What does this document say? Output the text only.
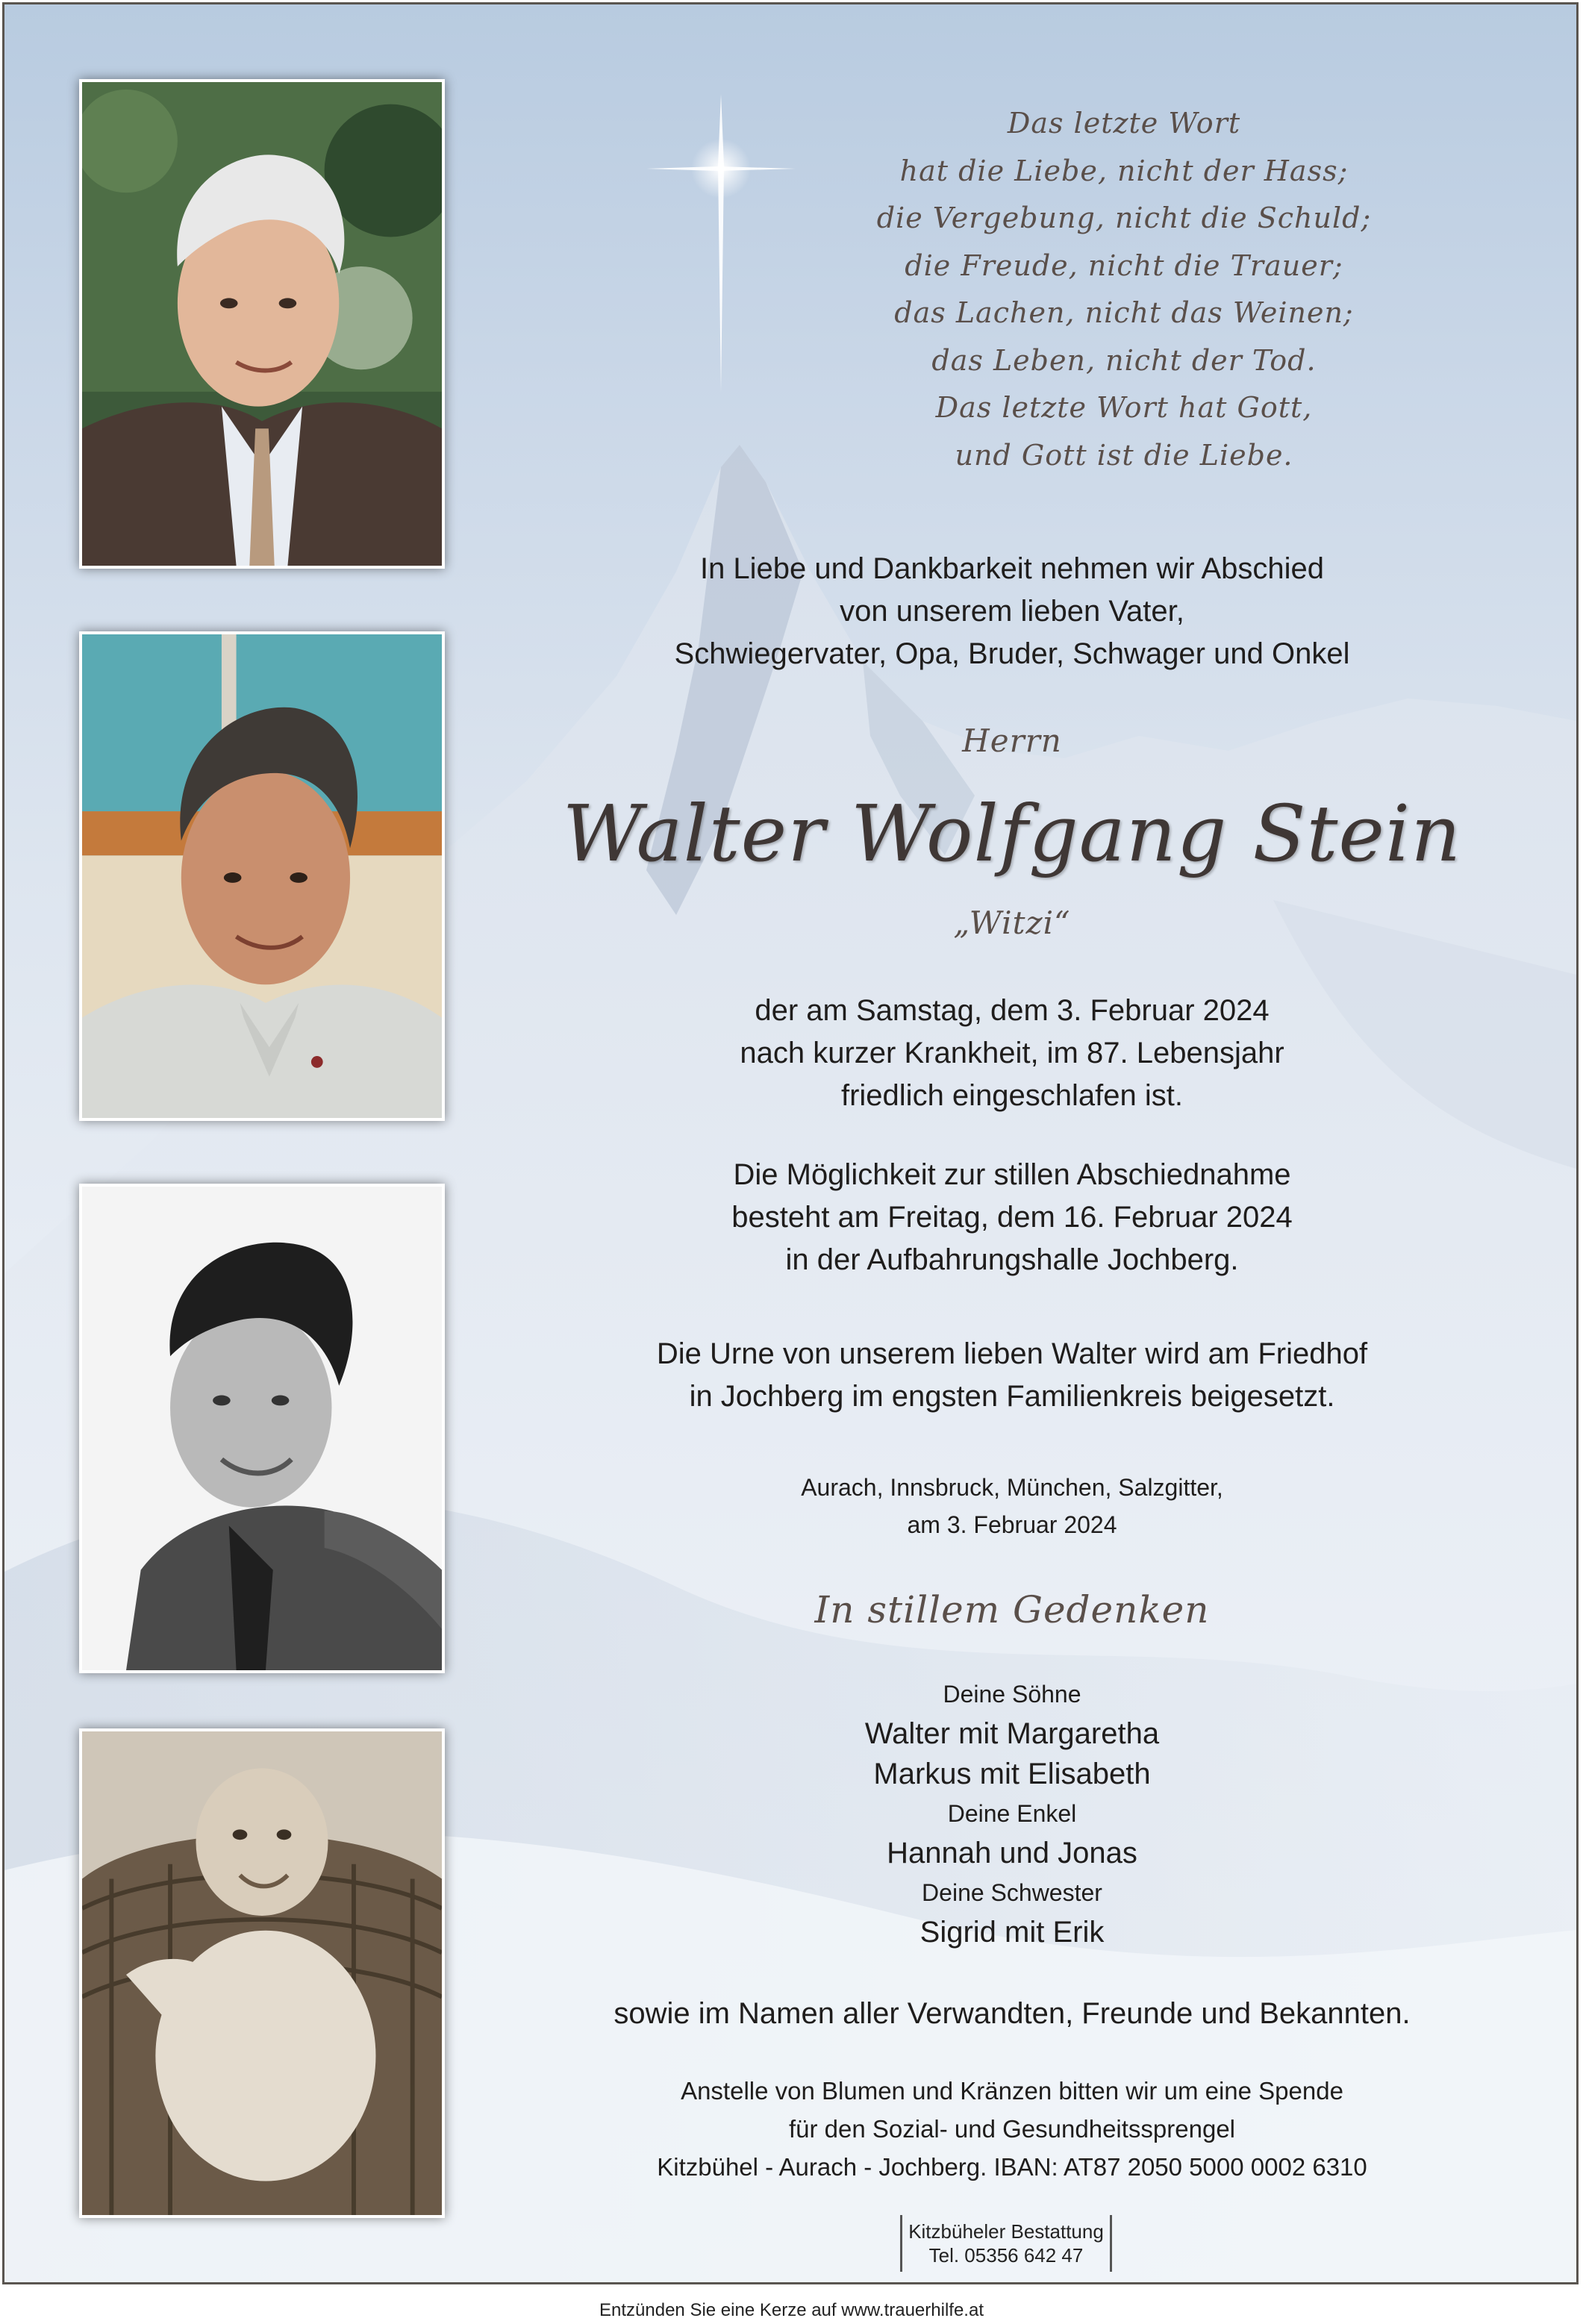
Das letzte Wort
hat die Liebe, nicht der Hass;
die Vergebung, nicht die Schuld;
die Freude, nicht die Trauer;
das Lachen, nicht das Weinen;
das Leben, nicht der Tod.
Das letzte Wort hat Gott,
und Gott ist die Liebe.
In Liebe und Dankbarkeit nehmen wir Abschied
von unserem lieben Vater,
Schwiegervater, Opa, Bruder, Schwager und Onkel
Herrn
Walter Wolfgang Stein
„Witzi“
der am Samstag, dem 3. Februar 2024
nach kurzer Krankheit, im 87. Lebensjahr
friedlich eingeschlafen ist.
Die Möglichkeit zur stillen Abschiednahme
besteht am Freitag, dem 16. Februar 2024
in der Aufbahrungshalle Jochberg.
Die Urne von unserem lieben Walter wird am Friedhof
in Jochberg im engsten Familienkreis beigesetzt.
Aurach, Innsbruck, München, Salzgitter,
am 3. Februar 2024
In stillem Gedenken
Deine Söhne
Walter mit Margaretha
Markus mit Elisabeth
Deine Enkel
Hannah und Jonas
Deine Schwester
Sigrid mit Erik
sowie im Namen aller Verwandten, Freunde und Bekannten.
Anstelle von Blumen und Kränzen bitten wir um eine Spende
für den Sozial- und Gesundheitssprengel
Kitzbühel - Aurach - Jochberg. IBAN: AT87 2050 5000 0002 6310
Kitzbüheler Bestattung
Tel. 05356 642 47
Entzünden Sie eine Kerze auf www.trauerhilfe.at
